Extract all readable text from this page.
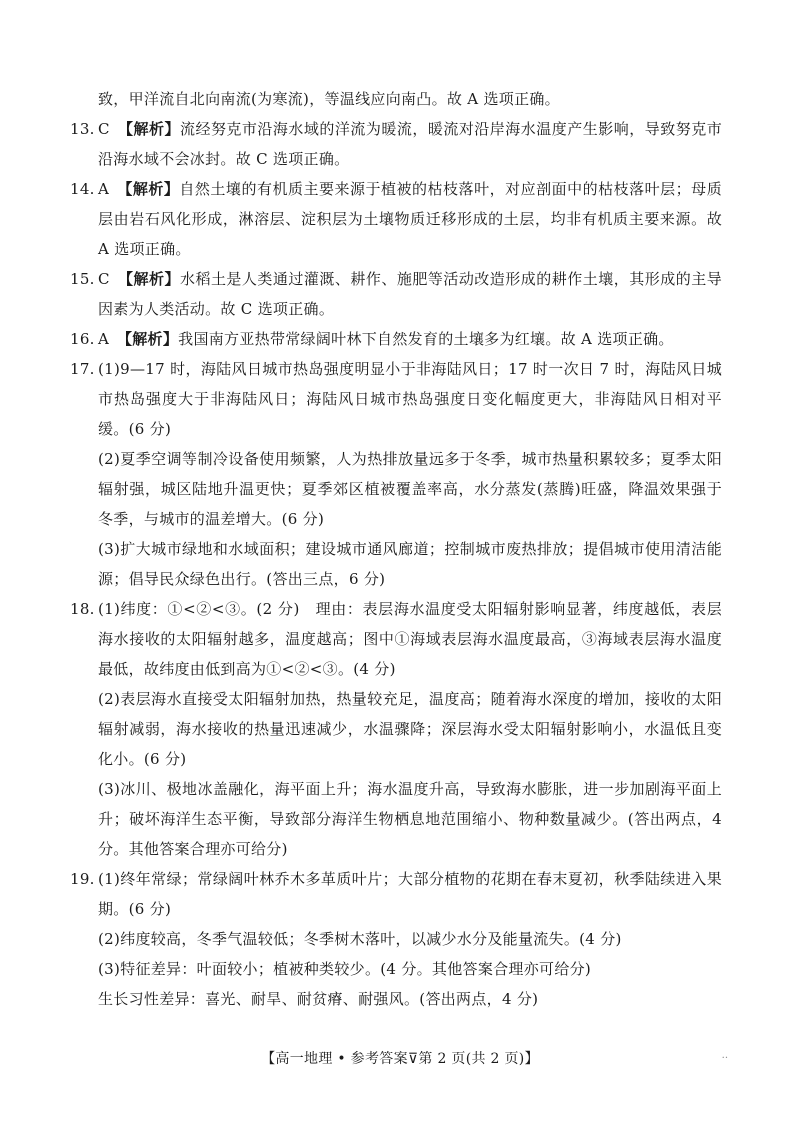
致，甲洋流自北向南流(为寒流)，等温线应向南凸。故 A 选项正确。

13. C　 【解析】流经努克市沿海水域的洋流为暖流，暖流对沿岸海水温度产生影响，导致努克市沿海水域不会冰封。故 C 选项正确。
14. A　 【解析】自然土壤的有机质主要来源于植被的枯枝落叶，对应剖面中的枯枝落叶层；母质层由岩石风化形成，淋溶层、淀积层为土壤物质迁移形成的土层，均非有机质主要来源。故 A 选项正确。
15. C　 【解析】水稻土是人类通过灌溉、耕作、施肥等活动改造形成的耕作土壤，其形成的主导因素为人类活动。故 C 选项正确。
16. A　 【解析】我国南方亚热带常绿阔叶林下自然发育的土壤多为红壤。故 A 选项正确。
17. (1)9—17 时，海陆风日城市热岛强度明显小于非海陆风日；17 时一次日 7 时，海陆风日城市热岛强度大于非海陆风日；海陆风日城市热岛强度日变化幅度更大，非海陆风日相对平缓。(6 分)

(2)夏季空调等制冷设备使用频繁，人为热排放量远多于冬季，城市热量积累较多；夏季太阳辐射强，城区陆地升温更快；夏季郊区植被覆盖率高，水分蒸发(蒸腾)旺盛，降温效果强于冬季，与城市的温差增大。(6 分)

(3)扩大城市绿地和水域面积；建设城市通风廊道；控制城市废热排放；提倡城市使用清洁能源；倡导民众绿色出行。(答出三点，6 分)

18. (1)纬度：①<②<③。(2 分)　理由：表层海水温度受太阳辐射影响显著，纬度越低，表层海水接收的太阳辐射越多，温度越高；图中①海域表层海水温度最高，③海域表层海水温度最低，故纬度由低到高为①<②<③。(4 分)

(2)表层海水直接受太阳辐射加热，热量较充足，温度高；随着海水深度的增加，接收的太阳辐射减弱，海水接收的热量迅速减少，水温骤降；深层海水受太阳辐射影响小，水温低且变化小。(6 分)

(3)冰川、极地冰盖融化，海平面上升；海水温度升高，导致海水膨胀，进一步加剧海平面上升；破坏海洋生态平衡，导致部分海洋生物栖息地范围缩小、物种数量减少。(答出两点，4 分。其他答案合理亦可给分)

19. (1)终年常绿；常绿阔叶林乔木多革质叶片；大部分植物的花期在春末夏初，秋季陆续进入果期。(6 分)

(2)纬度较高，冬季气温较低；冬季树木落叶，以减少水分及能量流失。(4 分)

(3)特征差异：叶面较小；植被种类较少。(4 分。其他答案合理亦可给分)

生长习性差异：喜光、耐旱、耐贫瘠、耐强风。(答出两点，4 分)

【高一地理 • 参考答案⊽第 2 页(共 2 页)】	..
